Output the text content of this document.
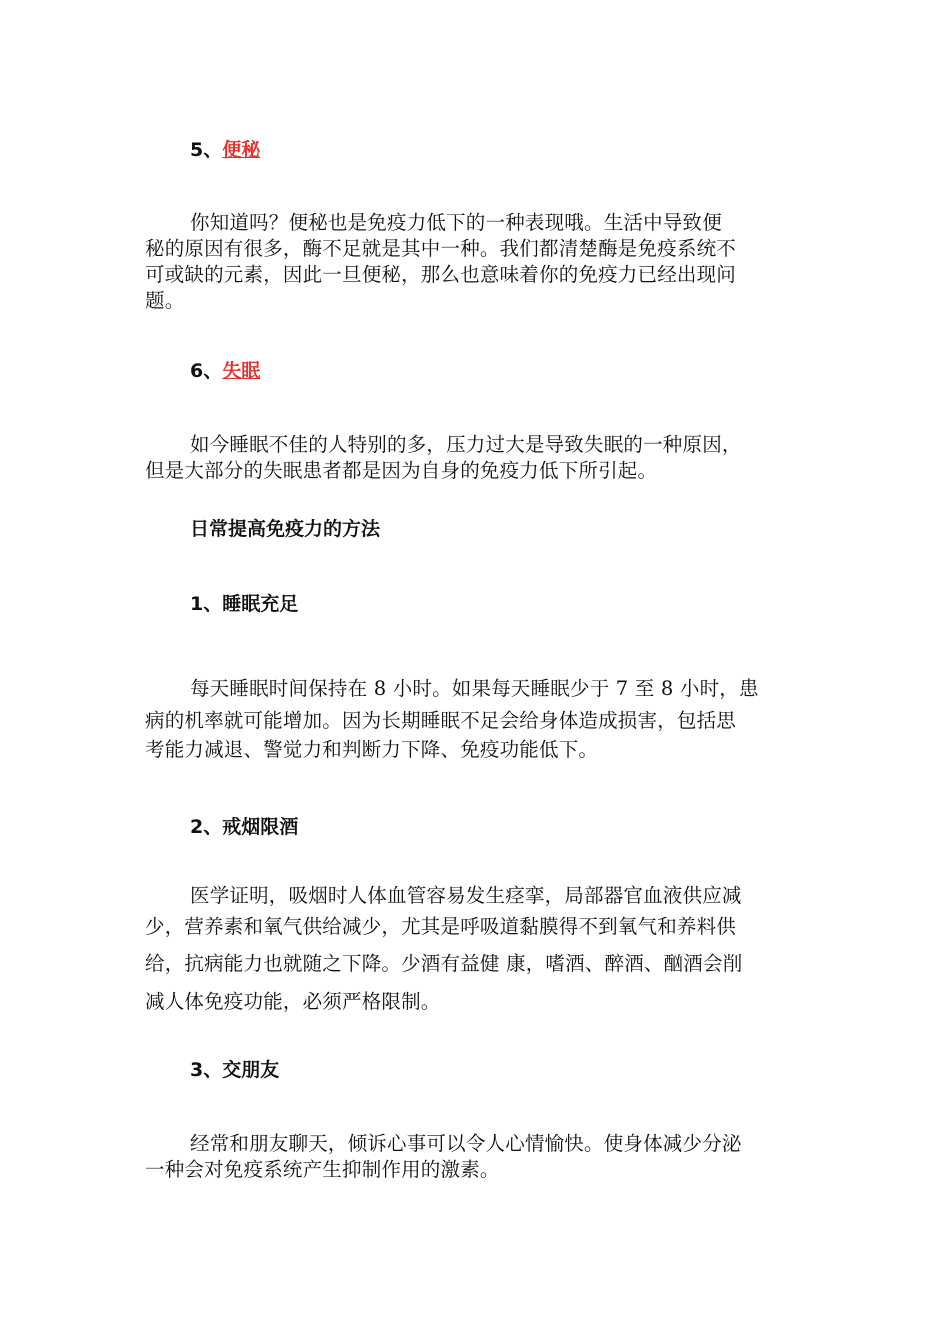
5、便秘
你知道吗？便秘也是免疫力低下的一种表现哦。生活中导致便
秘的原因有很多，酶不足就是其中一种。我们都清楚酶是免疫系统不
可或缺的元素，因此一旦便秘，那么也意味着你的免疫力已经出现问
题。
6、失眠
如今睡眠不佳的人特别的多，压力过大是导致失眠的一种原因，
但是大部分的失眠患者都是因为自身的免疫力低下所引起。
日常提高免疫力的方法
1、睡眠充足
每天睡眠时间保持在 8 小时。如果每天睡眠少于 7 至 8 小时，患
病的机率就可能增加。因为长期睡眠不足会给身体造成损害，包括思
考能力减退、警觉力和判断力下降、免疫功能低下。
2、戒烟限酒
医学证明，吸烟时人体血管容易发生痉挛，局部器官血液供应减
少，营养素和氧气供给减少，尤其是呼吸道黏膜得不到氧气和养料供
给，抗病能力也就随之下降。少酒有益健 康，嗜酒、醉酒、酗酒会削
减人体免疫功能，必须严格限制。
3、交朋友
经常和朋友聊天，倾诉心事可以令人心情愉快。使身体减少分泌
一种会对免疫系统产生抑制作用的激素。
